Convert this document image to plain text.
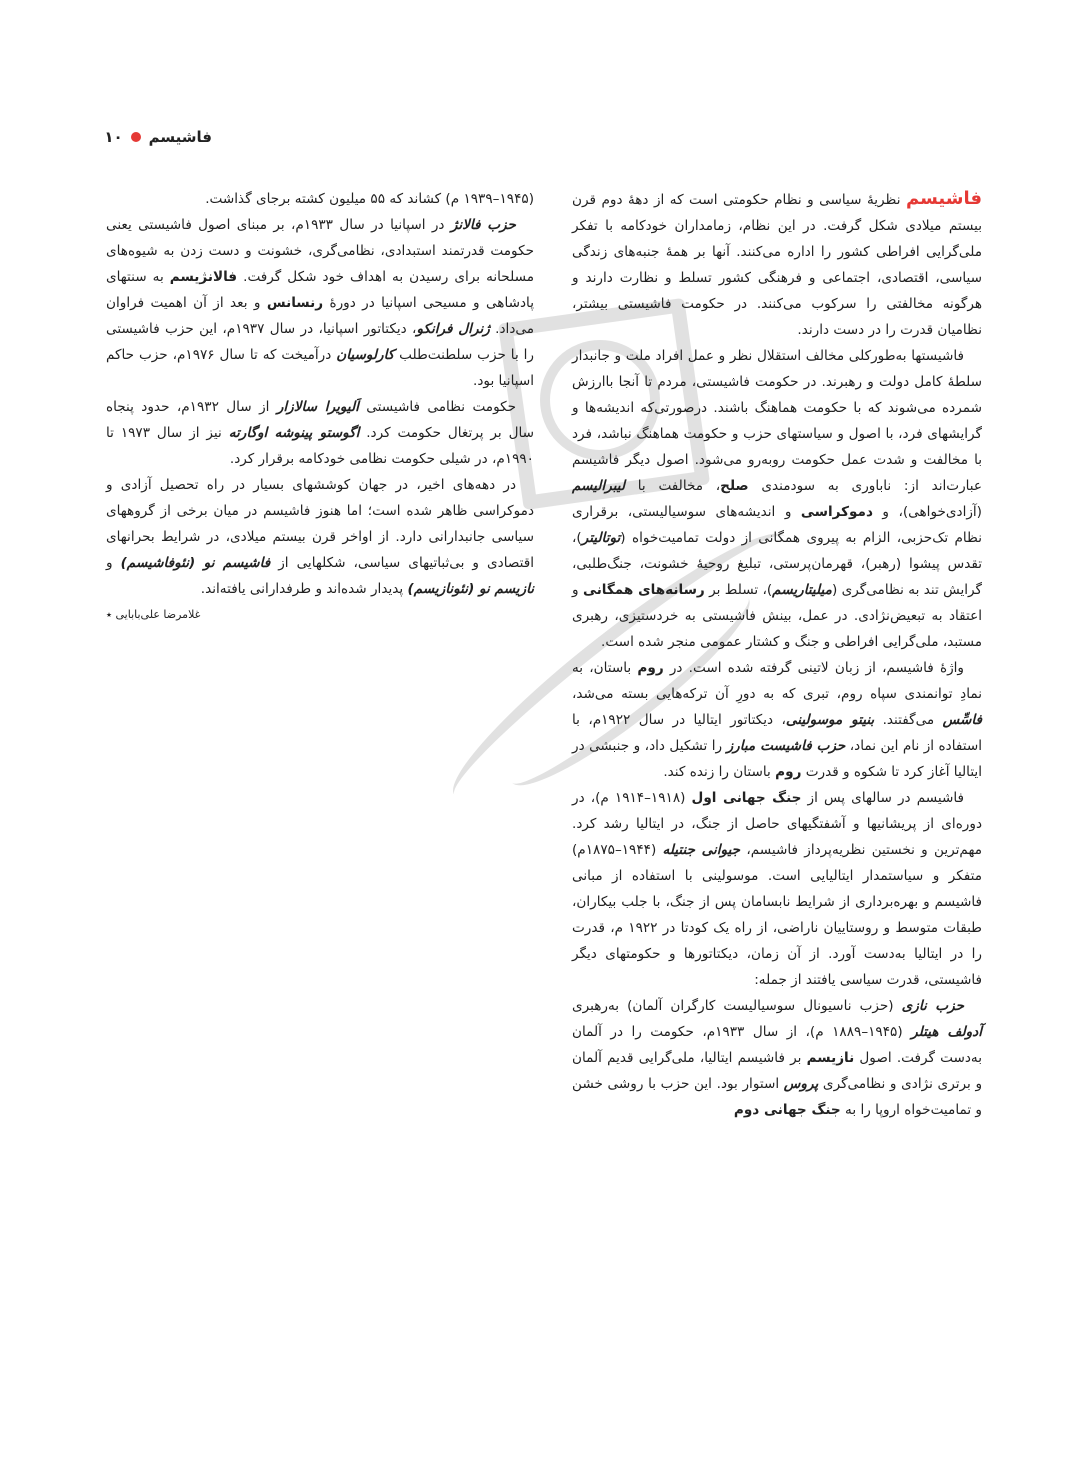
فاشیسم
۱۰

فاشیسم نظریهٔ سیاسی و نظام حکومتی است که از دههٔ دوم قرن بیستم میلادی شکل گرفت. در این نظام، زمامداران خودکامه با تفکر ملی‌گرایی افراطی کشور را اداره می‌کنند. آنها بر همهٔ جنبه‌های زندگی سیاسی، اقتصادی، اجتماعی و فرهنگی کشور تسلط و نظارت دارند و هرگونه مخالفتی را سرکوب می‌کنند. در حکومت فاشیستی بیشتر، نظامیان قدرت را در دست دارند.

فاشیستها به‌طورکلی مخالف استقلال نظر و عمل افراد ملت و جانبدار سلطهٔ کامل دولت و رهبرند. در حکومت فاشیستی، مردم تا آنجا باارزش شمرده می‌شوند که با حکومت هماهنگ باشند. درصورتی‌که اندیشه‌ها و گرایشهای فرد، با اصول و سیاستهای حزب و حکومت هماهنگ نباشد، فرد با مخالفت و شدت عمل حکومت روبه‌رو می‌شود. اصول دیگر فاشیسم عبارت‌اند از: ناباوری به سودمندی صلح، مخالفت با لیبرالیسم (آزادی‌خواهی)، و دموکراسی و اندیشه‌های سوسیالیستی، برقراری نظام تک‌حزبی، الزام به پیروی همگانی از دولت تمامیت‌خواه (توتالیتر)، تقدس پیشوا (رهبر)، قهرمان‌پرستی، تبلیغ روحیهٔ خشونت، جنگ‌طلبی، گرایش تند به نظامی‌گری (میلیتاریسم)، تسلط بر رسانه‌های همگانی و اعتقاد به تبعیض‌نژادی. در عمل، بینش فاشیستی به خردستیزی، رهبری مستبد، ملی‌گرایی افراطی و جنگ و کشتار عمومی منجر شده است.

واژهٔ فاشیسم، از زبان لاتینی گرفته شده است. در روم باستان، به نمادِ توانمندی سپاه روم، تبری که به دورِ آن ترکه‌هایی بسته می‌شد، فاسِّس می‌گفتند. بنیتو موسولینی، دیکتاتور ایتالیا در سال ۱۹۲۲م، با استفاده از نام این نماد، حزب فاشیست مبارز را تشکیل داد، و جنبشی در ایتالیا آغاز کرد تا شکوه و قدرت روم باستان را زنده کند.

فاشیسم در سالهای پس از جنگ جهانی اول (۱۹۱۸–۱۹۱۴ م)، در دوره‌ای از پریشانیها و آشفتگیهای حاصل از جنگ، در ایتالیا رشد کرد. مهم‌ترین و نخستین نظریه‌پرداز فاشیسم، جیوانی جنتیله (۱۹۴۴–۱۸۷۵م) متفکر و سیاستمدار ایتالیایی است. موسولینی با استفاده از مبانی فاشیسم و بهره‌برداری از شرایط نابسامان پس از جنگ، با جلب بیکاران، طبقات متوسط و روستاییان ناراضی، از راه یک کودتا در ۱۹۲۲ م، قدرت را در ایتالیا به‌دست آورد. از آن زمان، دیکتاتورها و حکومتهای دیگر فاشیستی، قدرت سیاسی یافتند از جمله:

حزب نازی (حزب ناسیونال سوسیالیست کارگران آلمان) به‌رهبری آدولف هیتلر (۱۹۴۵–۱۸۸۹ م)، از سال ۱۹۳۳م، حکومت را در آلمان به‌دست گرفت. اصول نازیسم بر فاشیسم ایتالیا، ملی‌گرایی قدیم آلمان و برتری نژادی و نظامی‌گری پروس استوار بود. این حزب با روشی خشن و تمامیت‌خواه اروپا را به جنگ جهانی دوم

(۱۹۴۵–۱۹۳۹ م) کشاند که ۵۵ میلیون کشته برجای گذاشت.

حزب فالانژ در اسپانیا در سال ۱۹۳۳م، بر مبنای اصول فاشیستی یعنی حکومت قدرتمند استبدادی، نظامی‌گری، خشونت و دست زدن به شیوه‌های مسلحانه برای رسیدن به اهداف خود شکل گرفت. فالانژیسم به سنتهای پادشاهی و مسیحی اسپانیا در دورهٔ رنسانس و بعد از آن اهمیت فراوان می‌داد. ژنرال فرانکو، دیکتاتور اسپانیا، در سال ۱۹۳۷م، این حزب فاشیستی را با حزب سلطنت‌طلب کارلوسیان درآمیخت که تا سال ۱۹۷۶م، حزب حاکم اسپانیا بود.

حکومت نظامی فاشیستی اَلیویرا سالازار از سال ۱۹۳۲م، حدود پنجاه سال بر پرتغال حکومت کرد. اگوستو پینوشه اوگارته نیز از سال ۱۹۷۳ تا ۱۹۹۰م، در شیلی حکومت نظامی خودکامه برقرار کرد.

در دهه‌های اخیر، در جهان کوششهای بسیار در راه تحصیل آزادی و دموکراسی ظاهر شده است؛ اما هنوز فاشیسم در میان برخی از گروههای سیاسی جانبدارانی دارد. از اواخر قرن بیستم میلادی، در شرایط بحرانهای اقتصادی و بی‌ثباتیهای سیاسی، شکلهایی از فاشیسم نو (نئوفاشیسم) و نازیسم نو (نئونازیسم) پدیدار شده‌اند و طرفدارانی یافته‌اند.

غلامرضا علی‌بابایی ٭
